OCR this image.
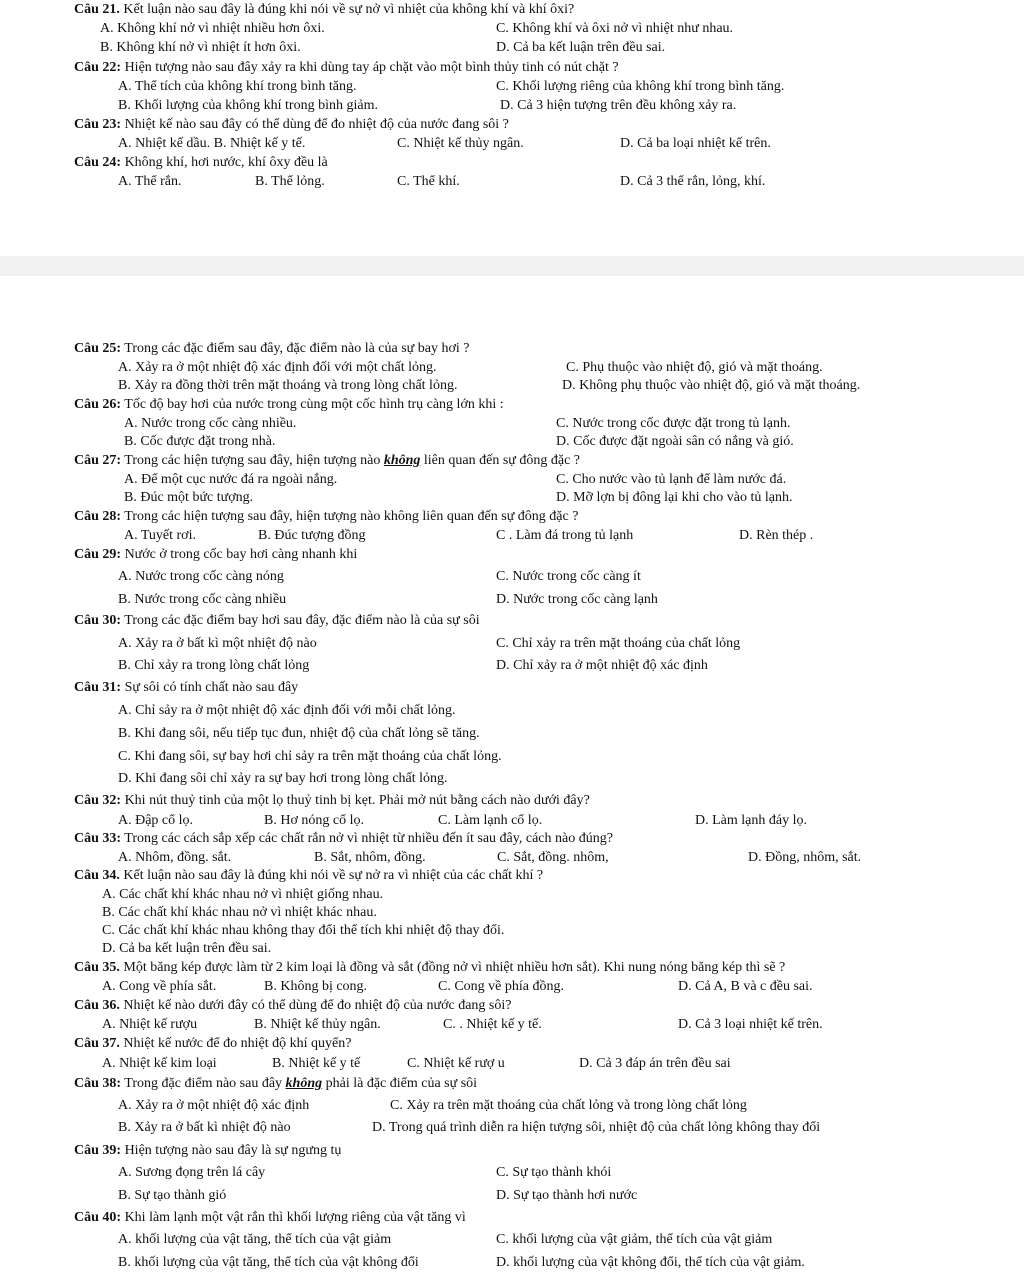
Câu 21. Kết luận nào sau đây là đúng khi nói về sự nở vì nhiệt của không khí và khí ôxi?
A. Không khí nở vì nhiệt nhiều hơn ôxi.	C. Không khí và ôxi nở vì nhiệt như nhau.
B. Không khí nở vì nhiệt ít hơn ôxi.	D. Cả ba kết luận trên đều sai.
Câu 22: Hiện tượng nào sau đây xảy ra khi dùng tay áp chặt vào một bình thủy tinh có nút chặt ?
A. Thể tích của không khí trong bình tăng.	C. Khối lượng riêng của không khí trong bình tăng.
B. Khối lượng của không khí trong bình giảm.	D. Cả 3 hiện tượng trên đều không xảy ra.
Câu 23: Nhiệt kế nào sau đây có thể dùng để đo nhiệt độ của nước đang sôi ?
A. Nhiệt kế dầu. B. Nhiệt kế y tế.	C. Nhiệt kế thủy ngân.	D. Cả ba loại nhiệt kế trên.
Câu 24: Không khí, hơi nước, khí ôxy đều là
A. Thể rắn.	B. Thể lỏng.	C. Thể khí.	D. Cả 3 thể rắn, lỏng, khí.
Câu 25: Trong các đặc điểm sau đây, đặc điểm nào là của sự bay hơi ?
A. Xảy ra ở một nhiệt độ xác định đối với một chất lỏng.	C. Phụ thuộc vào nhiệt độ, gió và mặt thoáng.
B. Xảy ra đồng thời trên mặt thoáng và trong lòng chất lỏng.	D. Không phụ thuộc vào nhiệt độ, gió và mặt thoáng.
Câu 26: Tốc độ bay hơi của nước trong cùng một cốc hình trụ càng lớn khi :
A. Nước trong cốc càng nhiều.	C. Nước trong cốc được đặt trong tủ lạnh.
B. Cốc được đặt trong nhà.	D. Cốc được đặt ngoài sân có nắng và gió.
Câu 27: Trong các hiện tượng sau đây, hiện tượng nào không liên quan đến sự đông đặc ?
A. Để một cục nước đá ra ngoài nắng.	C. Cho nước vào tủ lạnh để làm nước đá.
B. Đúc một bức tượng.	D. Mỡ lợn bị đông lại khi cho vào tủ lạnh.
Câu 28: Trong các hiện tượng sau đây, hiện tượng nào không liên quan đến sự đông đặc ?
A. Tuyết rơi.	B. Đúc tượng đồng	C . Làm đá trong tủ lạnh	D. Rèn thép .
Câu 29: Nước ở trong cốc bay hơi càng nhanh khi
A. Nước trong cốc càng nóng	C. Nước trong cốc càng ít
B. Nước trong cốc càng nhiều	D. Nước trong cốc càng lạnh
Câu 30: Trong các đặc điểm bay hơi sau đây, đặc điểm nào là của sự sôi
A. Xảy ra ở bất kì một nhiệt độ nào	C. Chỉ xảy ra trên mặt thoáng của chất lỏng
B. Chỉ xảy ra trong lòng chất lỏng	D. Chỉ xảy ra ở một nhiệt độ xác định
Câu 31: Sự sôi có tính chất nào sau đây
A. Chỉ sảy ra ở một nhiệt độ xác định đối với mỗi chất lỏng.
B. Khi đang sôi, nếu tiếp tục đun, nhiệt độ của chất lỏng sẽ tăng.
C. Khi đang sôi, sự bay hơi chỉ sảy ra trên mặt thoáng của chất lỏng.
D. Khi đang sôi chỉ xảy ra sự bay hơi trong lòng chất lỏng.
Câu 32: Khi nút thuỷ tinh của một lọ thuỷ tinh bị kẹt. Phải mở nút bằng cách nào dưới đây?
A. Đập cổ lọ.	B. Hơ nóng cổ lọ.	C. Làm lạnh cổ lọ.	D. Làm lạnh đáy lọ.
Câu 33: Trong các cách sắp xếp các chất rắn nở vì nhiệt từ nhiều đến ít sau đây, cách nào đúng?
A. Nhôm, đồng. sắt.	B. Sắt, nhôm, đồng.	C. Sắt, đồng. nhôm,	D. Đồng, nhôm, sắt.
Câu 34. Kết luận nào sau đây là đúng khi nói về sự nở ra vì nhiệt của các chất khí ?
A. Các chất khí khác nhau nở vì nhiệt giống nhau.
B. Các chất khí khác nhau nở vì nhiệt khác nhau.
C. Các chất khí khác nhau không thay đổi thể tích khi nhiệt độ thay đổi.
D. Cả ba kết luận trên đều sai.
Câu 35. Một băng kép được làm từ 2 kim loại là đồng và sắt (đồng nở vì nhiệt nhiều hơn sắt). Khi nung nóng băng kép thì sẽ ?
A. Cong về phía sắt.	B. Không bị cong.	C. Cong về phía đồng.	D. Cả A, B và c đều sai.
Câu 36. Nhiệt kế nào dưới đây có thể dùng để đo nhiệt độ của nước đang sôi?
A. Nhiệt kế rượu	B. Nhiệt kế thủy ngân.	C. . Nhiệt kế y tế.	D. Cả 3 loại nhiệt kế trên.
Câu 37. Nhiệt kế nước để đo nhiệt độ khí quyển?
A. Nhiệt kế kim loại	B. Nhiệt kế y tế	C. Nhiệt kế rượ u	D. Cả 3 đáp án trên đều sai
Câu 38: Trong đặc điểm nào sau đây không phải là đặc điểm của sự sôi
A. Xảy ra ở một nhiệt độ xác định	C. Xảy ra trên mặt thoáng của chất lỏng và trong lòng chất lỏng
B. Xảy ra ở bất kì nhiệt độ nào	D. Trong quá trình diễn ra hiện tượng sôi, nhiệt độ của chất lỏng không thay đổi
Câu 39: Hiện tượng nào sau đây là sự ngưng tụ
A. Sương đọng trên lá cây	C. Sự tạo thành khói
B. Sự tạo thành gió	D. Sự tạo thành hơi nước
Câu 40: Khi làm lạnh một vật rắn thì khối lượng riêng của vật tăng vì
A. khối lượng của vật tăng, thể tích của vật giảm	C. khối lượng của vật giảm, thể tích của vật giảm
B. khối lượng của vật tăng, thể tích của vật không đổi	D. khối lượng của vật không đổi, thể tích của vật giảm.
